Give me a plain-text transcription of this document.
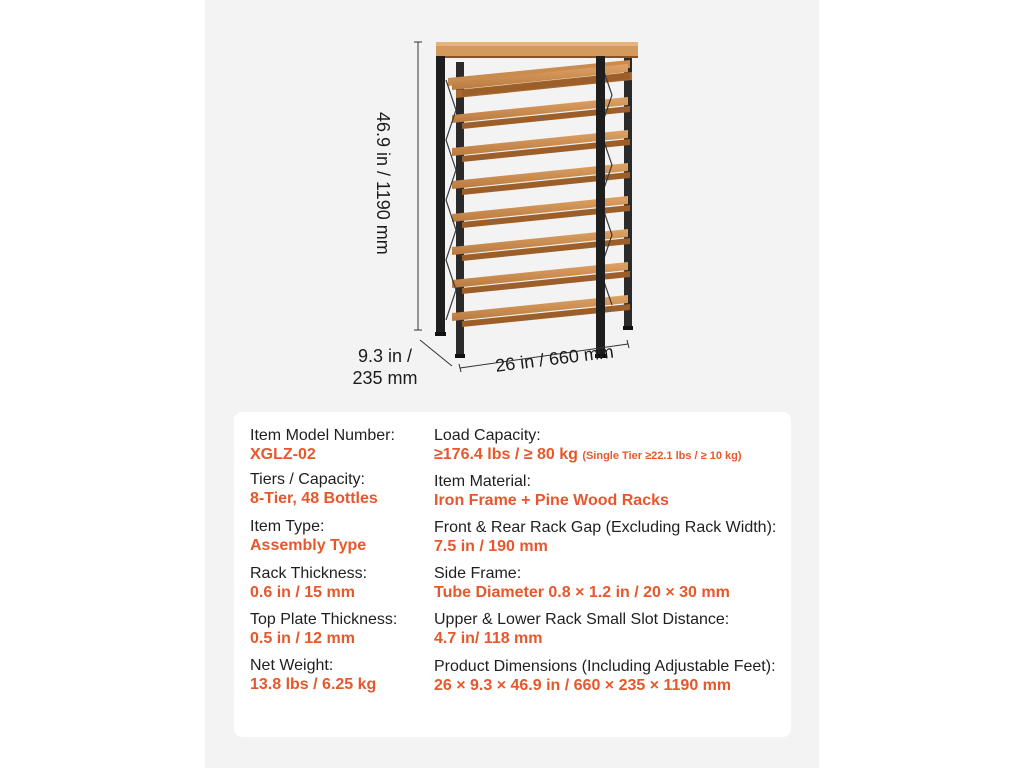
46.9 in / 1190 mm
9.3 in /
235 mm
26 in / 660 mm
Item Model Number:
XGLZ-02
Tiers / Capacity:
8-Tier, 48 Bottles
Item Type:
Assembly Type
Rack Thickness:
0.6 in / 15 mm
Top Plate Thickness:
0.5 in / 12 mm
Net Weight:
13.8 lbs / 6.25 kg
Load Capacity:
≥176.4 lbs / ≥ 80 kg (Single Tier ≥22.1 lbs / ≥ 10 kg)
Item Material:
Iron Frame + Pine Wood Racks
Front & Rear Rack Gap (Excluding Rack Width):
7.5 in / 190 mm
Side Frame:
Tube Diameter 0.8 × 1.2 in / 20 × 30 mm
Upper & Lower Rack Small Slot Distance:
4.7 in/ 118 mm
Product Dimensions (Including Adjustable Feet):
26 × 9.3 × 46.9 in / 660 × 235 × 1190 mm
